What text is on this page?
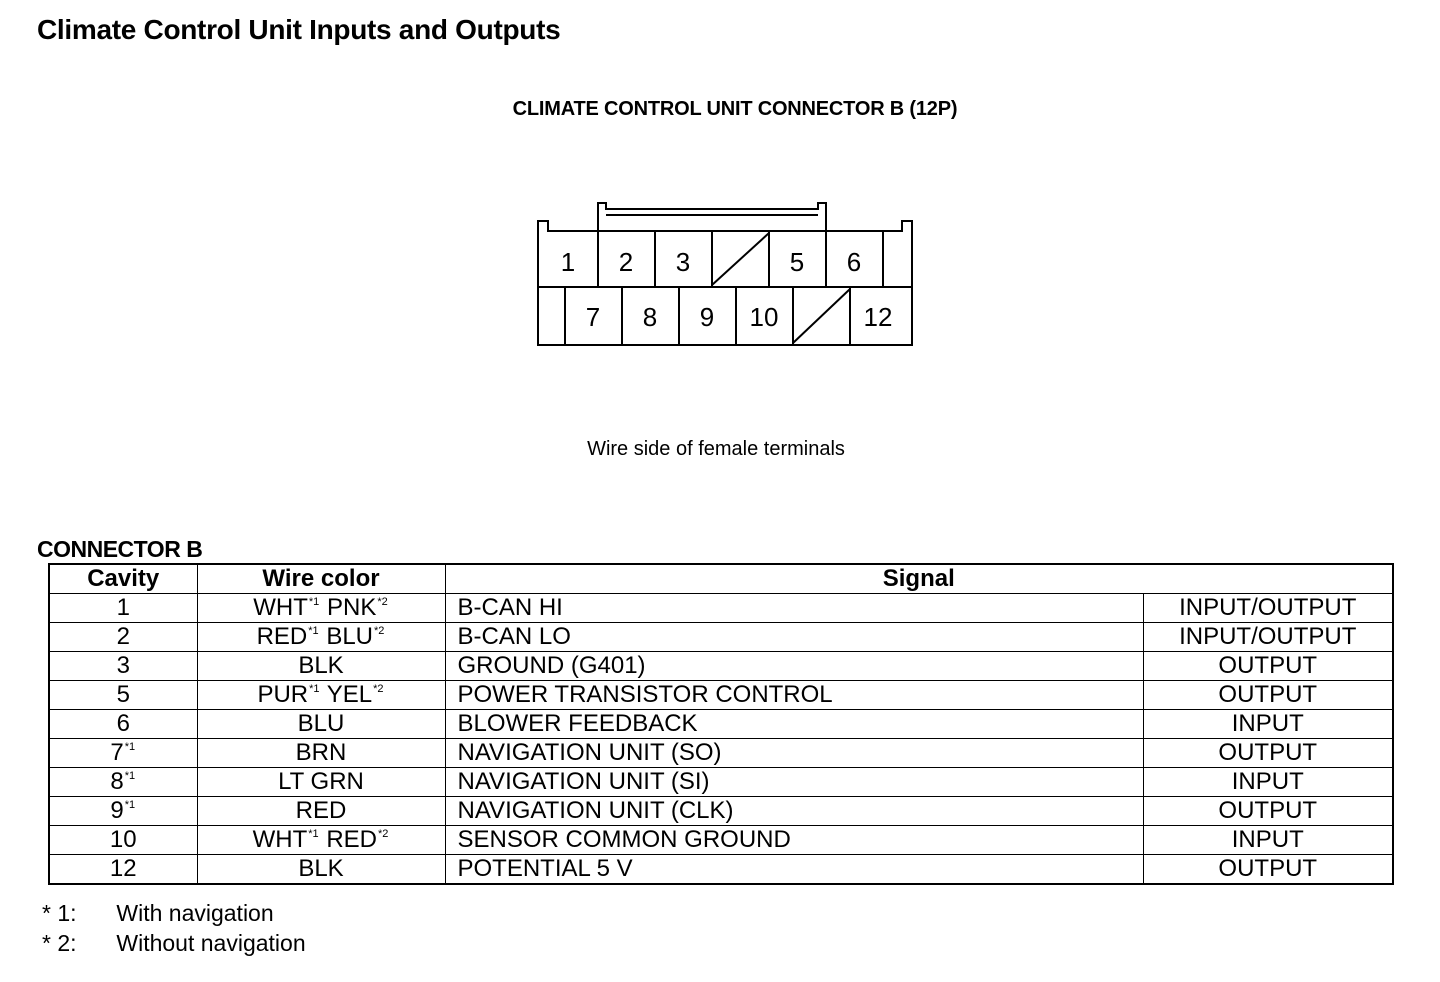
Climate Control Unit Inputs and Outputs
CLIMATE CONTROL UNIT CONNECTOR B (12P)
1 2 3	5 6
7 8 9 10	12
Wire side of female terminals
CONNECTOR B
Cavity	Wire color	Signal	
1	WHT$^{*1}$ PNK$^{*2}$	B-CAN HI	INPUT/OUTPUT
2	RED$^{*1}$ BLU$^{*2}$	B-CAN LO	INPUT/OUTPUT
3	BLK	GROUND (G401)	OUTPUT
5	PUR$^{*1}$ YEL$^{*2}$	POWER TRANSISTOR CONTROL	OUTPUT
6	BLU	BLOWER FEEDBACK	INPUT
7$^{*1}$	BRN	NAVIGATION UNIT (SO)	OUTPUT
8$^{*1}$	LT GRN	NAVIGATION UNIT (SI)	INPUT
9$^{*1}$	RED	NAVIGATION UNIT (CLK)	OUTPUT
10	WHT$^{*1}$ RED$^{*2}$	SENSOR COMMON GROUND	INPUT
12	BLK	POTENTIAL 5 V	OUTPUT
* 1: With navigation
* 2: Without navigation
